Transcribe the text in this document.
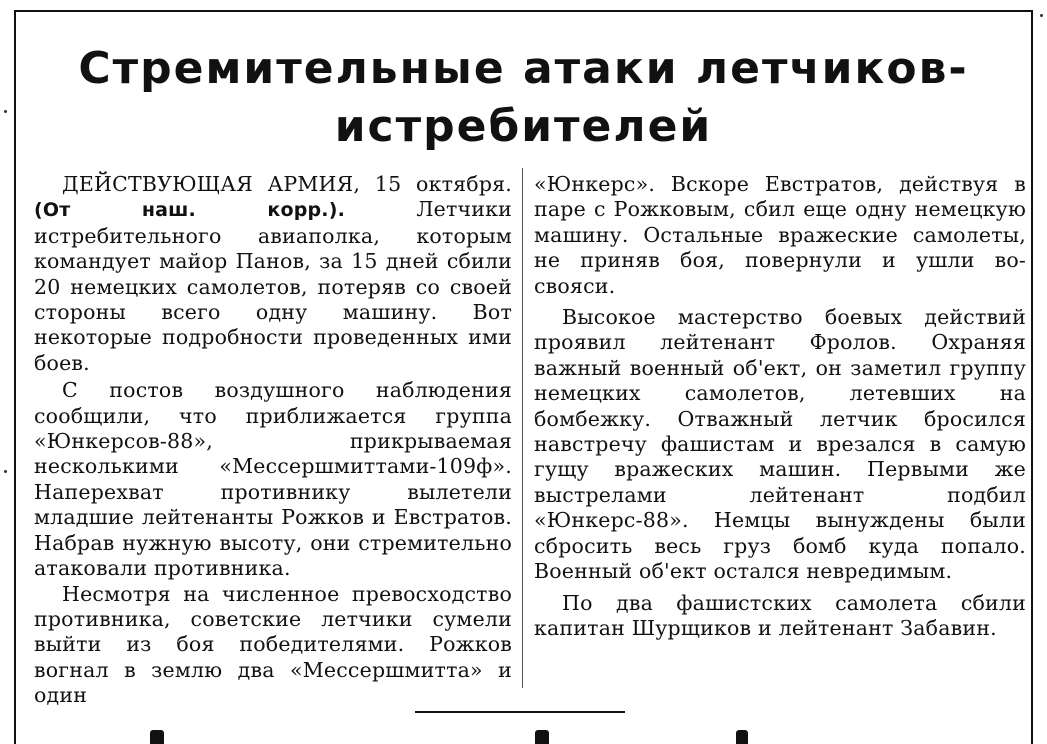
Стремительные атаки летчиков-
истребителей

ДЕЙСТВУЮЩАЯ АРМИЯ, 15 октября. (От наш. корр.).	Летчики истребительного авиаполка, которым командует майор Панов, за 15 дней сбили 20 немецких самолетов, потеряв со своей стороны всего одну машину. Вот некоторые подробности проведенных ими боев.

С постов воздушного наблюдения сообщили, что приближается группа «Юнкерсов-88», прикрываемая несколькими «Мессершмиттами-109ф». Наперехват противнику вылетели младшие лейтенанты Рожков и Евстратов. Набрав нужную высоту, они стремительно атаковали противника.

Несмотря на численное превосходство противника, советские летчики сумели выйти из боя победителями. Рожков вогнал в землю два «Мессершмитта» и один

«Юнкерс». Вскоре Евстратов, действуя в паре с Рожковым, сбил еще одну немецкую машину. Остальные вражеские самолеты, не приняв боя, повернули и ушли во-свояси.

Высокое мастерство боевых действий проявил лейтенант Фролов. Охраняя важный военный об'ект, он заметил группу немецких самолетов, летевших на бомбежку. Отважный летчик бросился навстречу фашистам и врезался в самую гущу вражеских машин. Первыми же выстрелами лейтенант подбил «Юнкерс-88». Немцы вынуждены были сбросить весь груз бомб куда попало. Военный об'ект остался невредимым.

По два фашистских самолета сбили капитан Шурщиков и лейтенант Забавин.
